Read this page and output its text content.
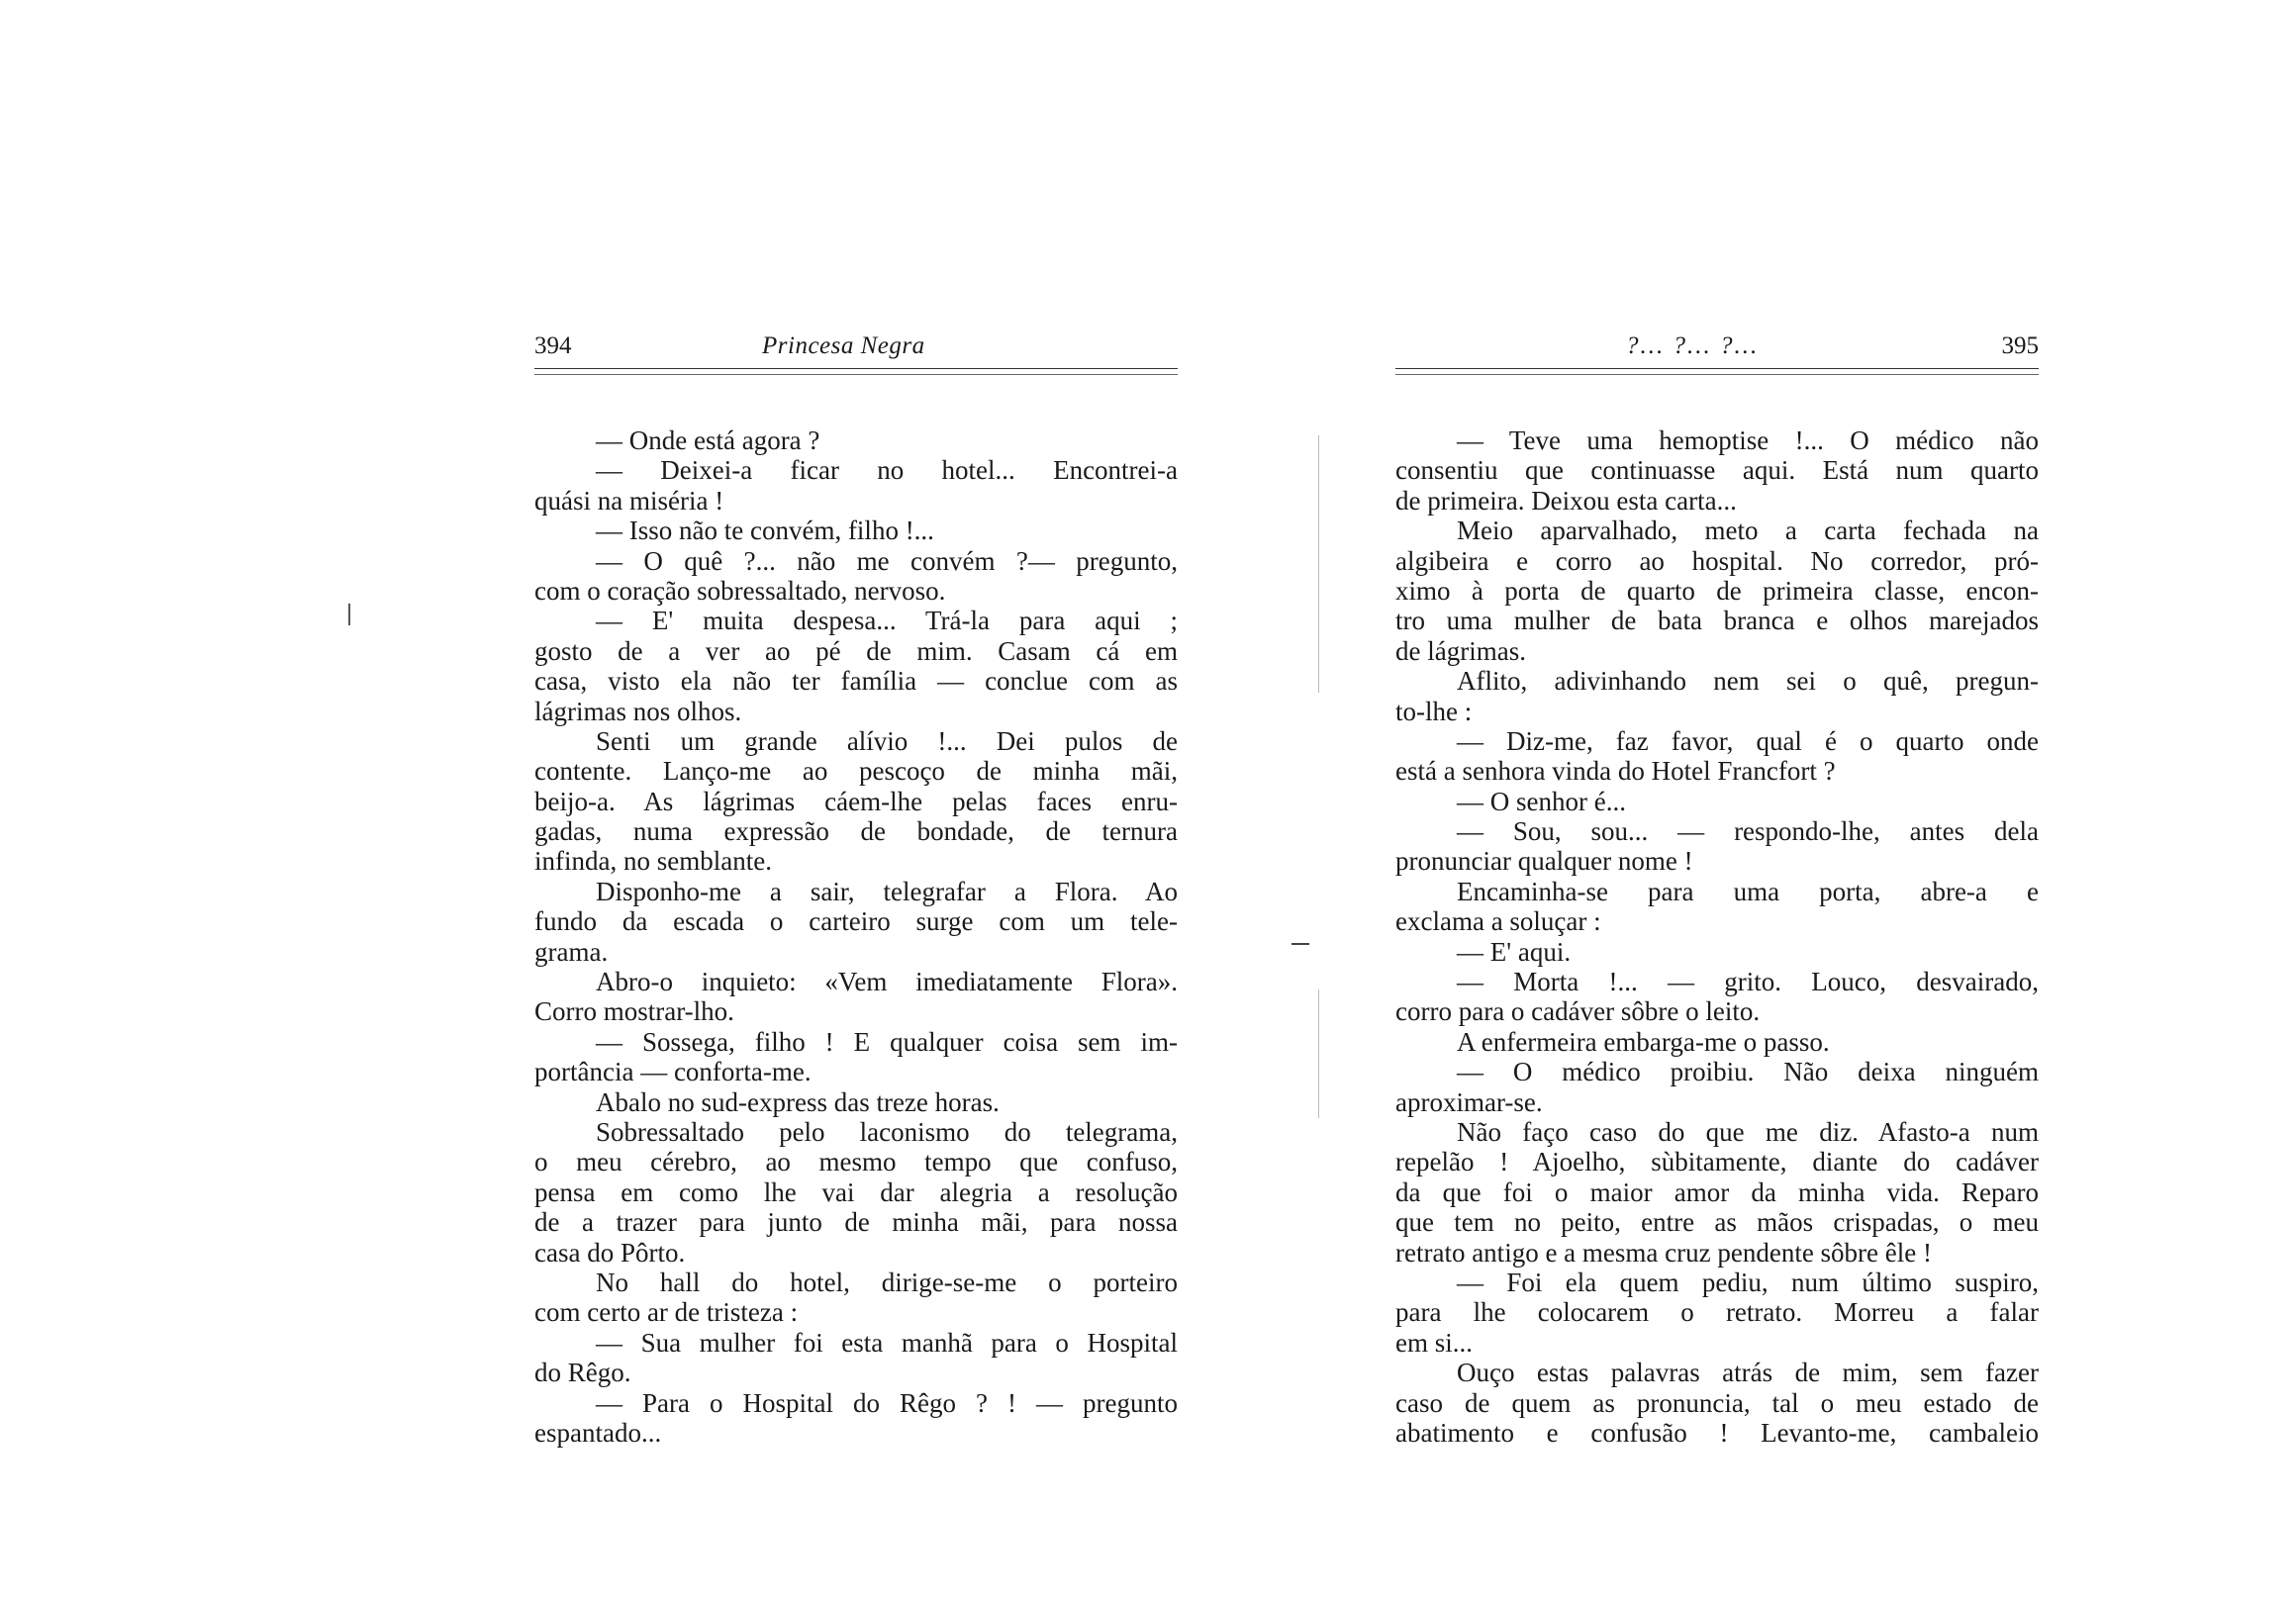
394	Princesa Negra
— Onde está agora ?
— Deixei-a ficar no hotel... Encontrei-a
quási na miséria !
— Isso não te convém, filho !...
— O quê ?... não me convém ?— pregunto,
com o coração sobressaltado, nervoso.
— E' muita despesa... Trá-la para aqui ;
gosto de a ver ao pé de mim. Casam cá em
casa, visto ela não ter família — conclue com as
lágrimas nos olhos.
Senti um grande alívio !... Dei pulos de
contente. Lanço-me ao pescoço de minha mãi,
beijo-a. As lágrimas cáem-lhe pelas faces enru-
gadas, numa expressão de bondade, de ternura
infinda, no semblante.
Disponho-me a sair, telegrafar a Flora. Ao
fundo da escada o carteiro surge com um tele-
grama.
Abro-o inquieto: «Vem imediatamente Flora».
Corro mostrar-lho.
— Sossega, filho ! E qualquer coisa sem im-
portância — conforta-me.
Abalo no sud-express das treze horas.
Sobressaltado pelo laconismo do telegrama,
o meu cérebro, ao mesmo tempo que confuso,
pensa em como lhe vai dar alegria a resolução
de a trazer para junto de minha mãi, para nossa
casa do Pôrto.
No hall do hotel, dirige-se-me o porteiro
com certo ar de tristeza :
— Sua mulher foi esta manhã para o Hospital
do Rêgo.
— Para o Hospital do Rêgo ? ! — pregunto
espantado...
?... ?... ?...	395
— Teve uma hemoptise !... O médico não
consentiu que continuasse aqui. Está num quarto
de primeira. Deixou esta carta...
Meio aparvalhado, meto a carta fechada na
algibeira e corro ao hospital. No corredor, pró-
ximo à porta de quarto de primeira classe, encon-
tro uma mulher de bata branca e olhos marejados
de lágrimas.
Aflito, adivinhando nem sei o quê, pregun-
to-lhe :
— Diz-me, faz favor, qual é o quarto onde
está a senhora vinda do Hotel Francfort ?
— O senhor é...
— Sou, sou... — respondo-lhe, antes dela
pronunciar qualquer nome !
Encaminha-se para uma porta, abre-a e
exclama a soluçar :
— E' aqui.
— Morta !... — grito. Louco, desvairado,
corro para o cadáver sôbre o leito.
A enfermeira embarga-me o passo.
— O médico proibiu. Não deixa ninguém
aproximar-se.
Não faço caso do que me diz. Afasto-a num
repelão ! Ajoelho, sùbitamente, diante do cadáver
da que foi o maior amor da minha vida. Reparo
que tem no peito, entre as mãos crispadas, o meu
retrato antigo e a mesma cruz pendente sôbre êle !
— Foi ela quem pediu, num último suspiro,
para lhe colocarem o retrato. Morreu a falar
em si...
Ouço estas palavras atrás de mim, sem fazer
caso de quem as pronuncia, tal o meu estado de
abatimento e confusão ! Levanto-me, cambaleio
